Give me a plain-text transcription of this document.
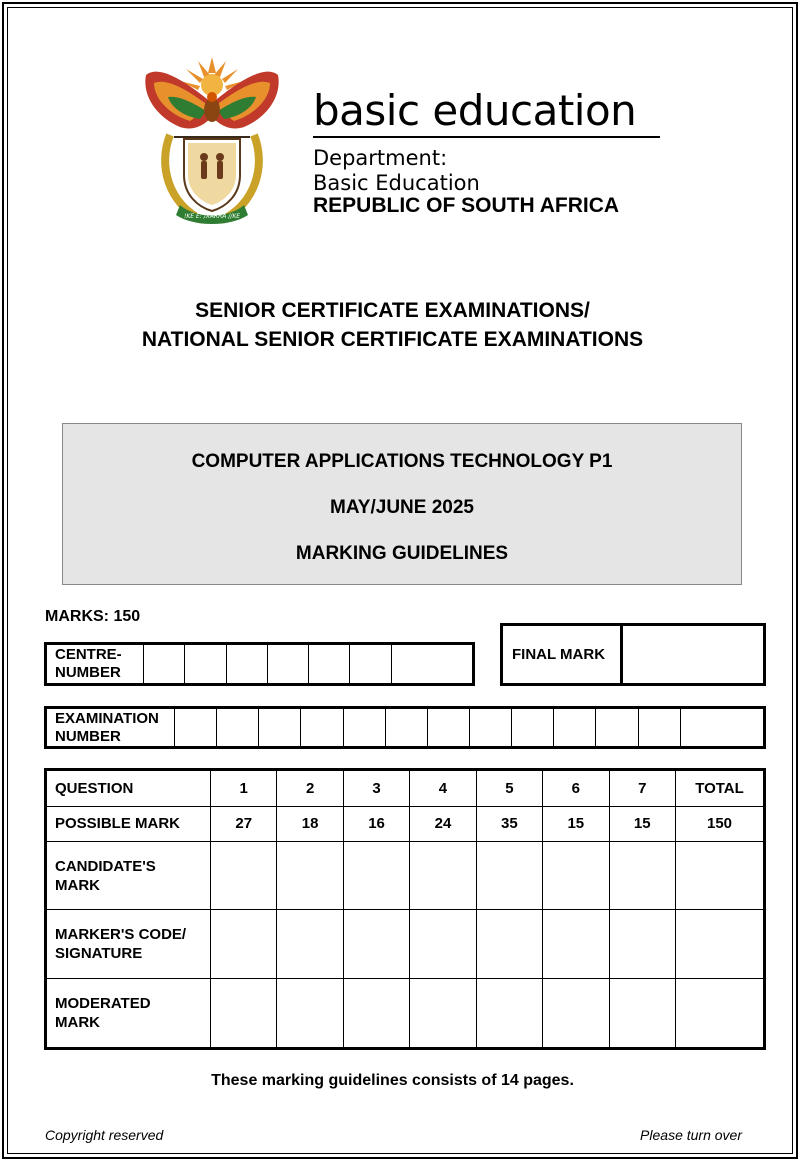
!KE E: /XARRA //KE
basic education
Department:
Basic Education
REPUBLIC OF SOUTH AFRICA
SENIOR CERTIFICATE EXAMINATIONS/
NATIONAL SENIOR CERTIFICATE EXAMINATIONS
COMPUTER APPLICATIONS TECHNOLOGY P1
MAY/JUNE 2025
MARKING GUIDELINES
MARKS: 150
CENTRE-
NUMBER

FINAL MARK	
EXAMINATION
NUMBER

QUESTION	1	2	3	4	5	6	7	TOTAL
POSSIBLE MARK	27	18	16	24	35	15	15	150

CANDIDATE'S
MARK								

MARKER'S CODE/
SIGNATURE								

MODERATED
MARK								

These marking guidelines consists of 14 pages.
Copyright reserved	Please turn over
